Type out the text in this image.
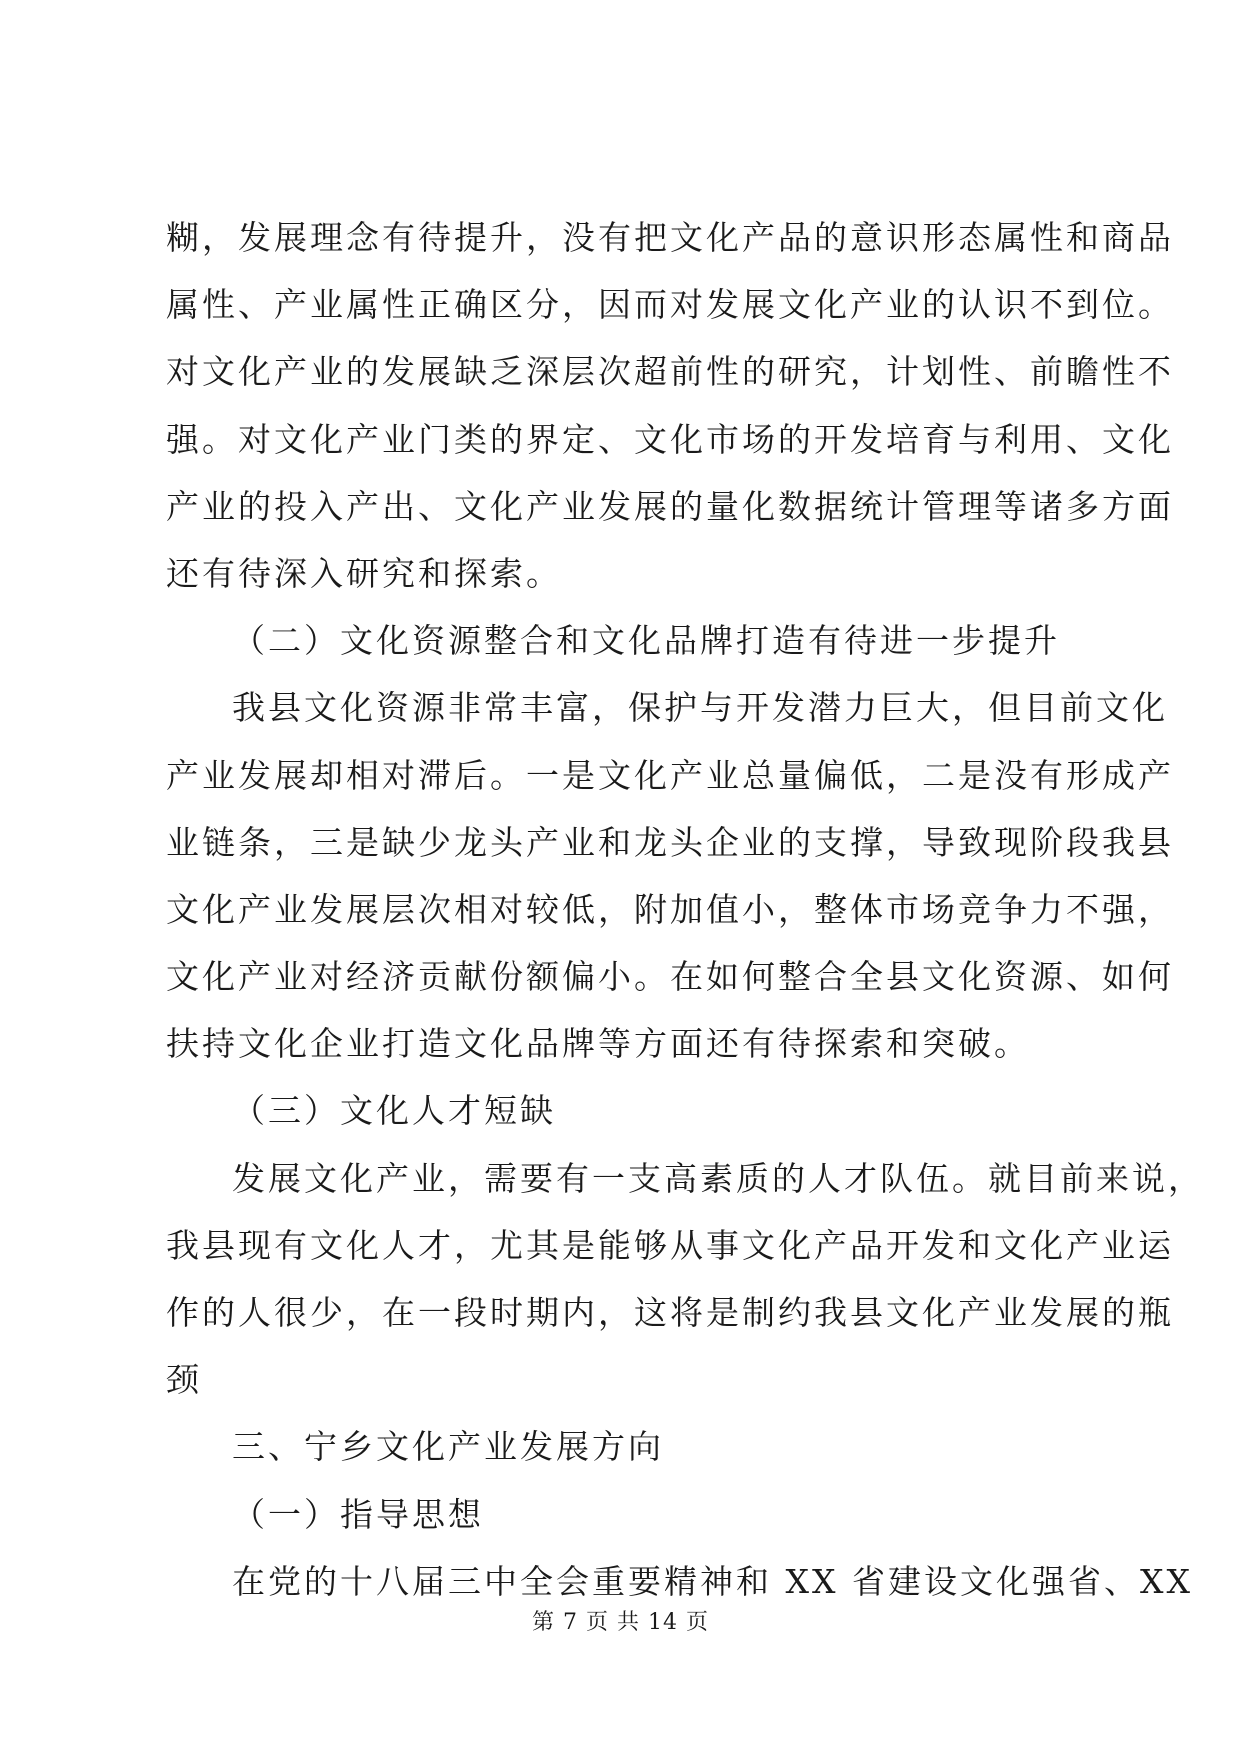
糊，发展理念有待提升，没有把文化产品的意识形态属性和商品
属性、产业属性正确区分，因而对发展文化产业的认识不到位。
对文化产业的发展缺乏深层次超前性的研究，计划性、前瞻性不
强。对文化产业门类的界定、文化市场的开发培育与利用、文化
产业的投入产出、文化产业发展的量化数据统计管理等诸多方面
还有待深入研究和探索。
（二）文化资源整合和文化品牌打造有待进一步提升
我县文化资源非常丰富，保护与开发潜力巨大，但目前文化
产业发展却相对滞后。一是文化产业总量偏低，二是没有形成产
业链条，三是缺少龙头产业和龙头企业的支撑，导致现阶段我县
文化产业发展层次相对较低，附加值小，整体市场竞争力不强，
文化产业对经济贡献份额偏小。在如何整合全县文化资源、如何
扶持文化企业打造文化品牌等方面还有待探索和突破。
（三）文化人才短缺
发展文化产业，需要有一支高素质的人才队伍。就目前来说，
我县现有文化人才，尤其是能够从事文化产品开发和文化产业运
作的人很少，在一段时期内，这将是制约我县文化产业发展的瓶
颈
三、宁乡文化产业发展方向
（一）指导思想
在党的十八届三中全会重要精神和 XX 省建设文化强省、XX
第 7 页 共 14 页
